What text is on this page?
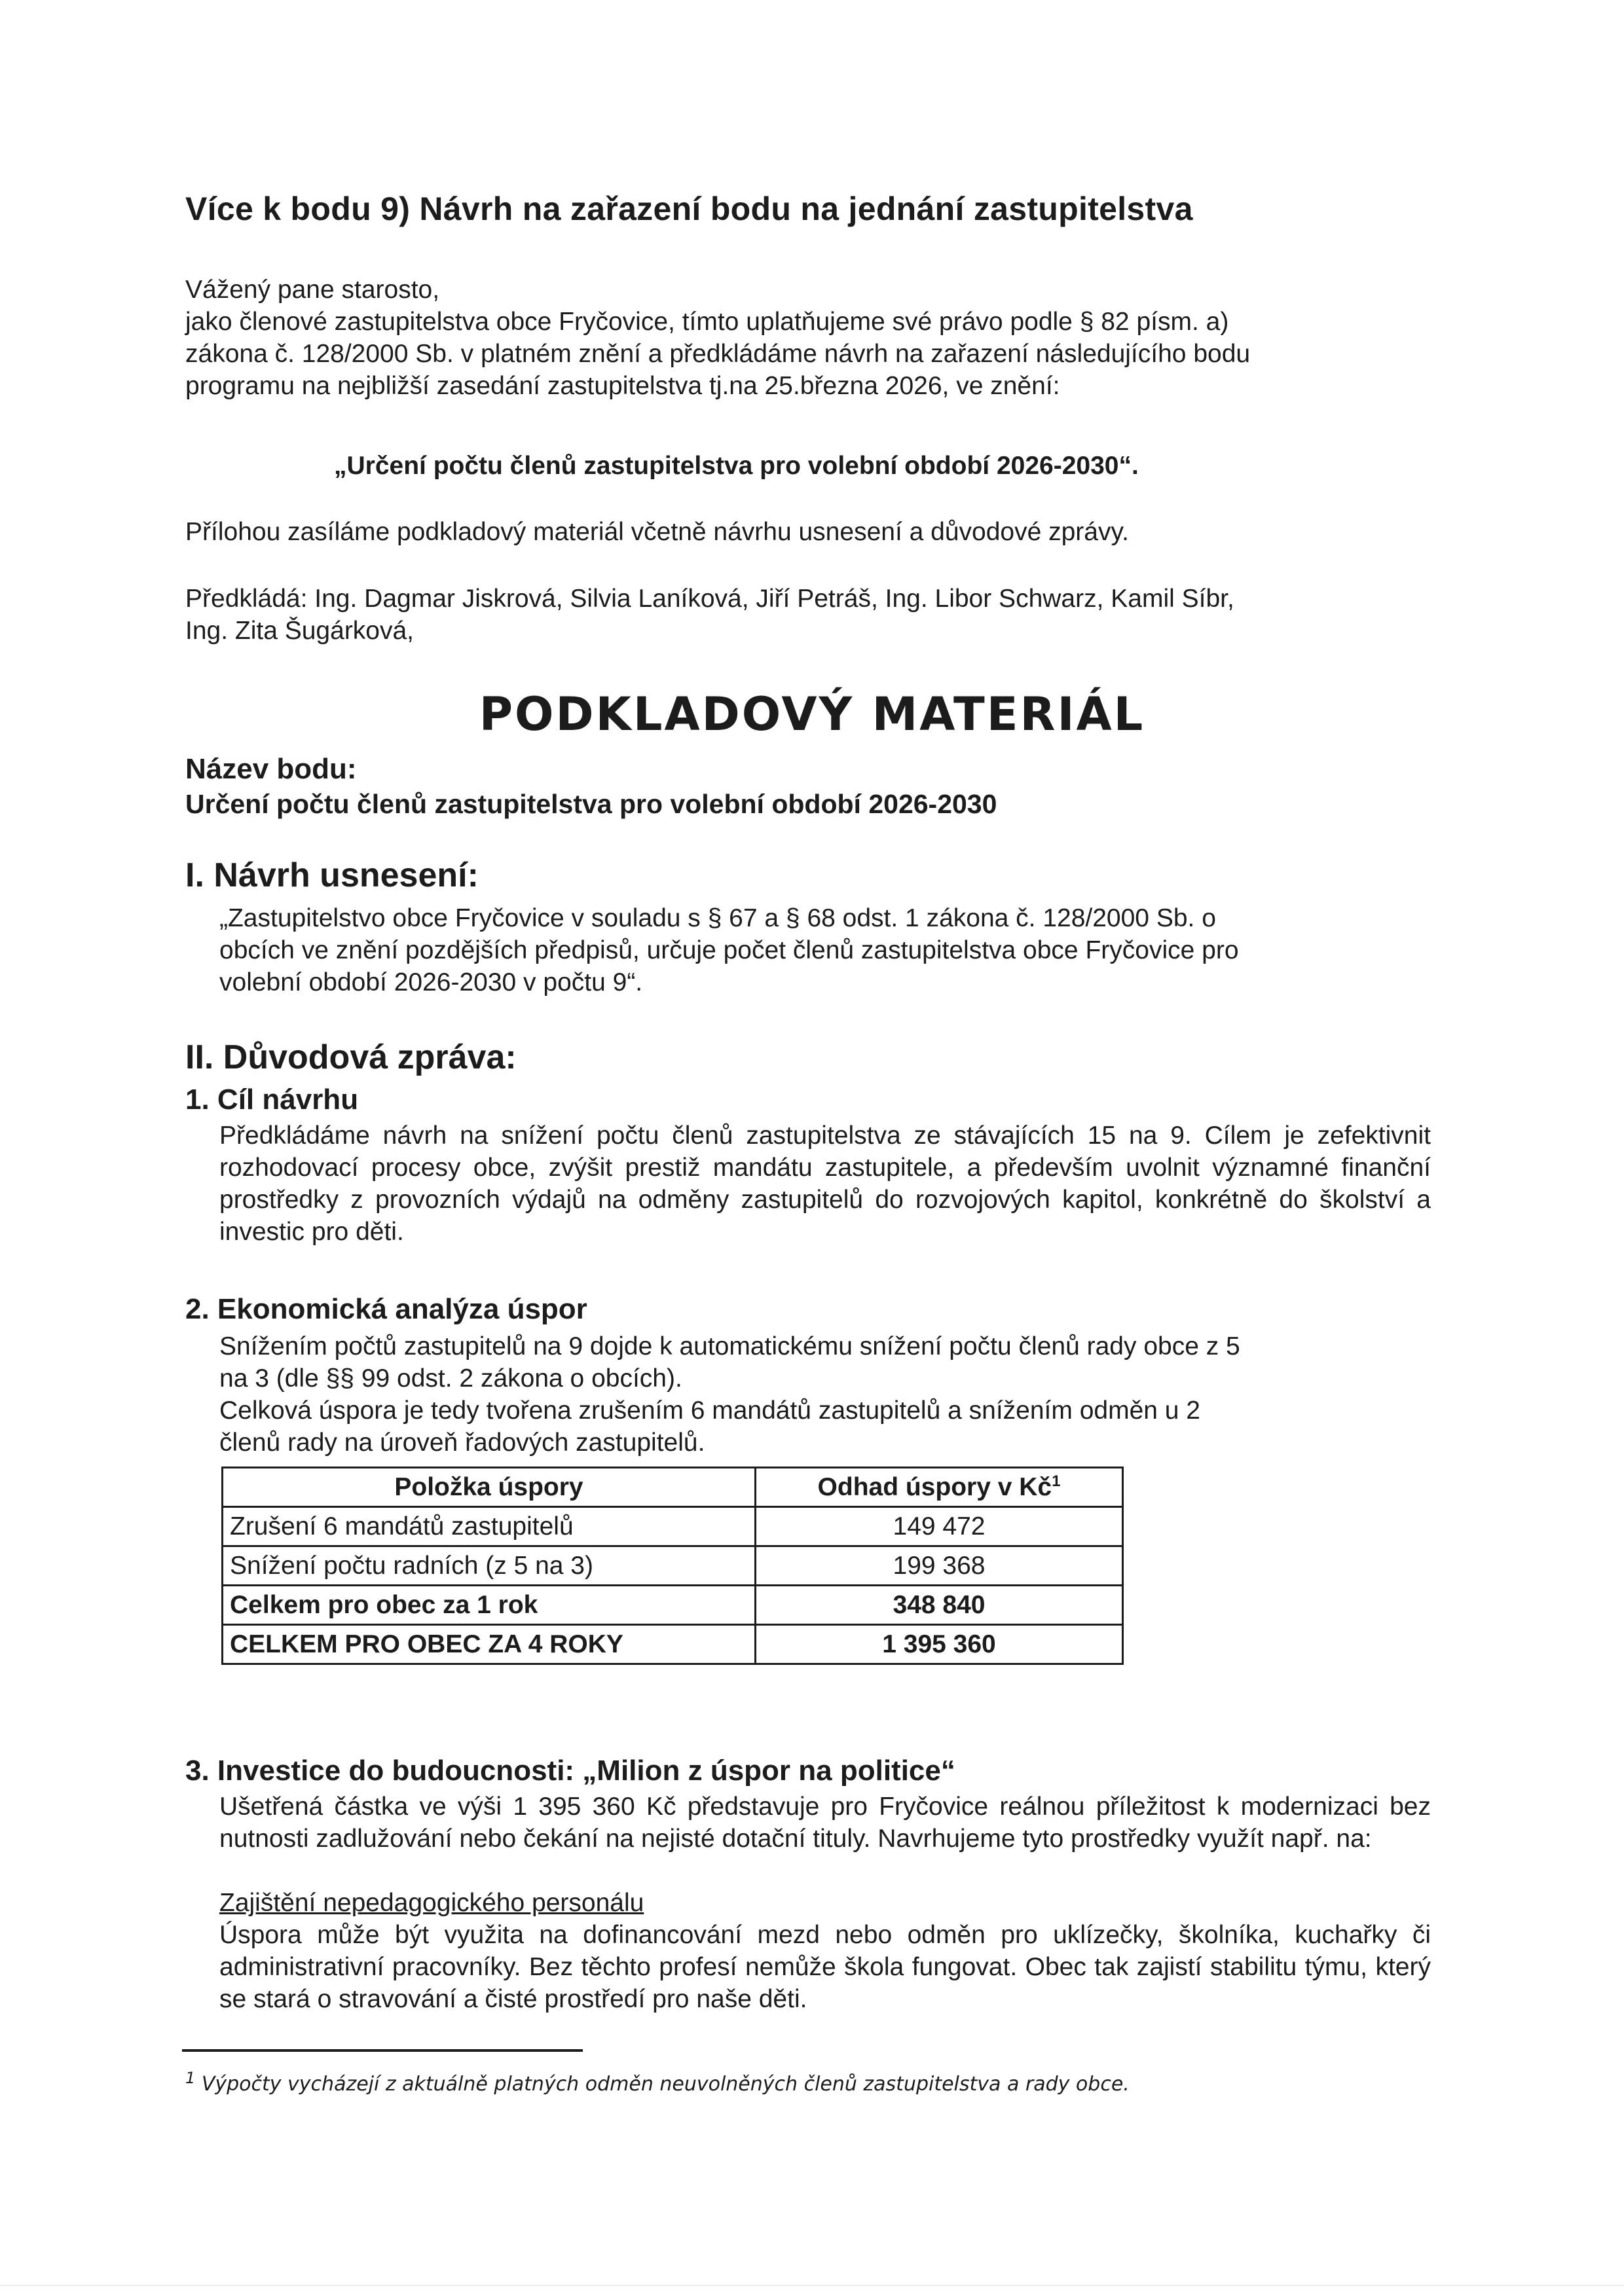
Více k bodu 9) Návrh na zařazení bodu na jednání zastupitelstva
Vážený pane starosto,
jako členové zastupitelstva obce Fryčovice, tímto uplatňujeme své právo podle § 82 písm. a)
zákona č. 128/2000 Sb. v platném znění a předkládáme návrh na zařazení následujícího bodu
programu na nejbližší zasedání zastupitelstva tj.na 25.března 2026, ve znění:
„Určení počtu členů zastupitelstva pro volební období 2026-2030“.
Přílohou zasíláme podkladový materiál včetně návrhu usnesení a důvodové zprávy.
Předkládá: Ing. Dagmar Jiskrová, Silvia Laníková, Jiří Petráš, Ing. Libor Schwarz, Kamil Síbr,
Ing. Zita Šugárková,
PODKLADOVÝ MATERIÁL
Název bodu:
Určení počtu členů zastupitelstva pro volební období 2026-2030
I. Návrh usnesení:
„Zastupitelstvo obce Fryčovice v souladu s § 67 a § 68 odst. 1 zákona č. 128/2000 Sb. o
obcích ve znění pozdějších předpisů, určuje počet členů zastupitelstva obce Fryčovice pro
volební období 2026-2030 v počtu 9“.
II. Důvodová zpráva:
1. Cíl návrhu
Předkládáme návrh na snížení počtu členů zastupitelstva ze stávajících 15 na 9. Cílem je zefektivnit rozhodovací procesy obce, zvýšit prestiž mandátu zastupitele, a především uvolnit významné finanční prostředky z provozních výdajů na odměny zastupitelů do rozvojových kapitol, konkrétně do školství a investic pro děti.
2. Ekonomická analýza úspor
Snížením počtů zastupitelů na 9 dojde k automatickému snížení počtu členů rady obce z 5
na 3 (dle §§ 99 odst. 2 zákona o obcích).
Celková úspora je tedy tvořena zrušením 6 mandátů zastupitelů a snížením odměn u 2
členů rady na úroveň řadových zastupitelů.
Položka úspory	Odhad úspory v $Kč^1$
Zrušení 6 mandátů zastupitelů	149 472
Snížení počtu radních (z 5 na 3)	199 368
Celkem pro obec za 1 rok	348 840
CELKEM PRO OBEC ZA 4 ROKY	1 395 360
3. Investice do budoucnosti: „Milion z úspor na politice“
Ušetřená částka ve výši 1 395 360 Kč představuje pro Fryčovice reálnou příležitost k modernizaci bez nutnosti zadlužování nebo čekání na nejisté dotační tituly. Navrhujeme tyto prostředky využít např. na:
Zajištění nepedagogického personálu
Úspora může být využita na dofinancování mezd nebo odměn pro uklízečky, školníka, kuchařky či administrativní pracovníky. Bez těchto profesí nemůže škola fungovat. Obec tak zajistí stabilitu týmu, který se stará o stravování a čisté prostředí pro naše děti.
$^1$ Výpočty vycházejí z aktuálně platných odměn neuvolněných členů zastupitelstva a rady obce.
